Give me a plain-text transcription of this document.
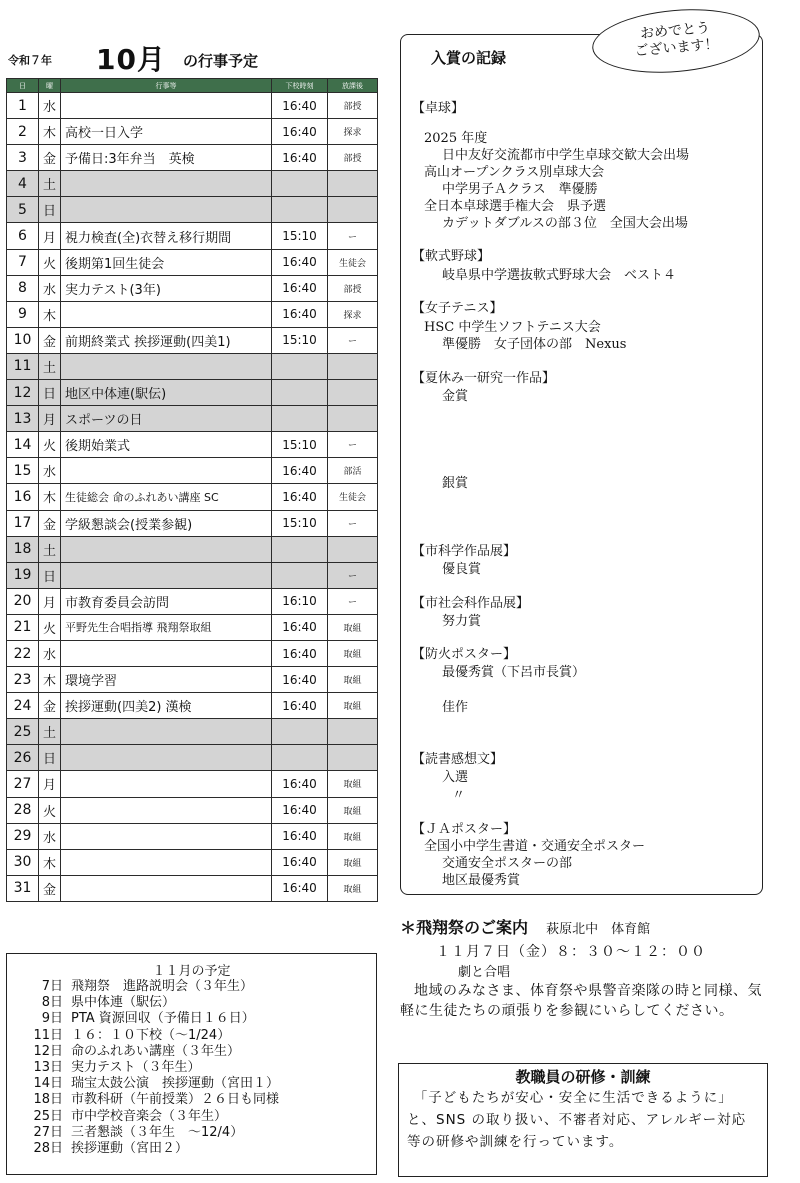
令和７年 10月 の行事予定
日	曜	行事等	下校時刻	放課後
1	水		16:40	部授
2	木	高校一日入学	16:40	探求
3	金	予備日:3年弁当　英検	16:40	部授
4	土			
5	日			
6	月	視力検査(全)衣替え移行期間	15:10	ー
7	火	後期第1回生徒会	16:40	生徒会
8	水	実力テスト(3年)	16:40	部授
9	木		16:40	探求
10	金	前期終業式 挨拶運動(四美1)	15:10	ー
11	土			
12	日	地区中体連(駅伝)		
13	月	スポーツの日		
14	火	後期始業式	15:10	ー
15	水		16:40	部活
16	木	生徒総会 命のふれあい講座 SC	16:40	生徒会
17	金	学級懇談会(授業参観)	15:10	ー
18	土			
19	日			ー
20	月	市教育委員会訪問	16:10	ー
21	火	平野先生合唱指導 飛翔祭取組	16:40	取組
22	水		16:40	取組
23	木	環境学習	16:40	取組
24	金	挨拶運動(四美2) 漢検	16:40	取組
25	土			
26	日			
27	月		16:40	取組
28	火		16:40	取組
29	水		16:40	取組
30	木		16:40	取組
31	金		16:40	取組
１１月の予定
7日 飛翔祭　進路説明会（３年生）
8日 県中体連（駅伝）
9日 PTA 資源回収（予備日１６日）
11日 １６：１０下校（～1/24）
12日 命のふれあい講座（３年生）
13日 実力テスト（３年生）
14日 瑞宝太鼓公演　挨拶運動（宮田１）
18日 市教科研（午前授業）２６日も同様
25日 市中学校音楽会（３年生）
27日 三者懇談（３年生　～12/4）
28日 挨拶運動（宮田２）
入賞の記録
おめでとう
ございます！
【卓球】
2025 年度
日中友好交流都市中学生卓球交歓大会出場
高山オープンクラス別卓球大会
中学男子Ａクラス　準優勝
全日本卓球選手権大会　県予選
カデットダブルスの部３位　全国大会出場
【軟式野球】
岐阜県中学選抜軟式野球大会　ベスト４
【女子テニス】
HSC 中学生ソフトテニス大会
準優勝　女子団体の部　Nexus
【夏休み一研究一作品】
金賞
銀賞
【市科学作品展】
優良賞
【市社会科作品展】
努力賞
【防火ポスター】
最優秀賞（下呂市長賞）
佳作
【読書感想文】
入選
〃
【ＪＡポスター】
全国小中学生書道・交通安全ポスター
交通安全ポスターの部
地区最優秀賞
＊飛翔祭のご案内 萩原北中　体育館
１１月７日（金）８：３０～１２：００
劇と合唱
地域のみなさま、体育祭や県警音楽隊の時と同様、気軽に生徒たちの頑張りを参観にいらしてください。
教職員の研修・訓練
「子どもたちが安心・安全に生活できるように」と、SNS の取り扱い、不審者対応、アレルギー対応等の研修や訓練を行っています。
